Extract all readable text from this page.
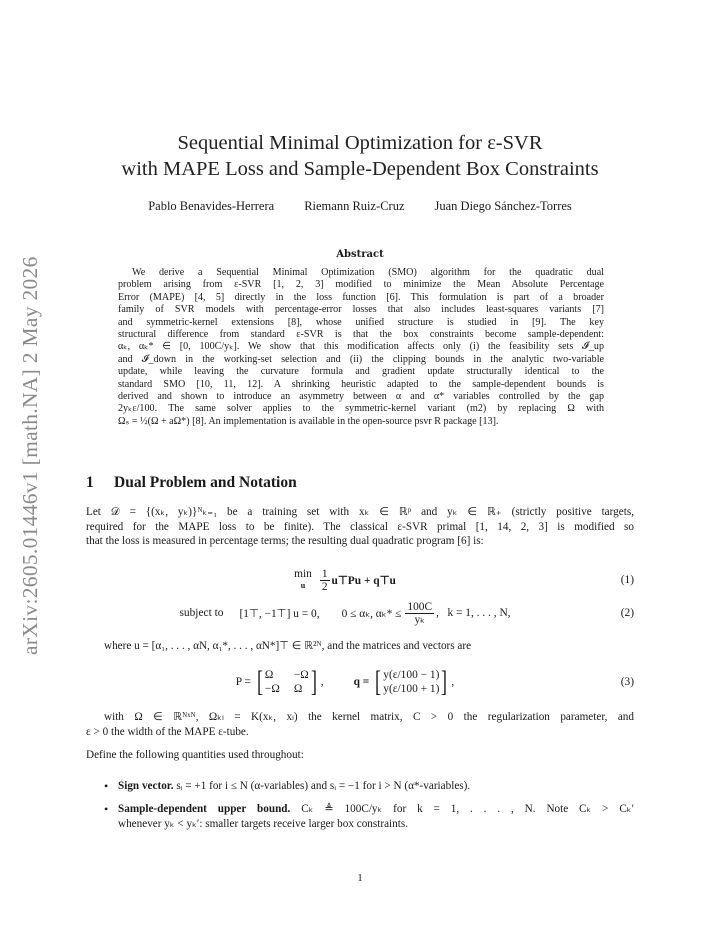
arXiv:2605.01446v1 [math.NA] 2 May 2026
Sequential Minimal Optimization for ε-SVR
with MAPE Loss and Sample-Dependent Box Constraints
Pablo Benavides-Herrera Riemann Ruiz-Cruz Juan Diego Sánchez-Torres
Abstract
We derive a Sequential Minimal Optimization (SMO) algorithm for the quadratic dual
problem arising from ε-SVR [1, 2, 3] modified to minimize the Mean Absolute Percentage
Error (MAPE) [4, 5] directly in the loss function [6]. This formulation is part of a broader
family of SVR models with percentage-error losses that also includes least-squares variants [7]
and symmetric-kernel extensions [8], whose unified structure is studied in [9]. The key
structural difference from standard ε-SVR is that the box constraints become sample-dependent:
αₖ, αₖ* ∈ [0, 100C/yₖ]. We show that this modification affects only (i) the feasibility sets 𝓘_up
and 𝓘_down in the working-set selection and (ii) the clipping bounds in the analytic two-variable
update, while leaving the curvature formula and gradient update structurally identical to the
standard SMO [10, 11, 12]. A shrinking heuristic adapted to the sample-dependent bounds is
derived and shown to introduce an asymmetry between α and α* variables controlled by the gap
2yₖε/100. The same solver applies to the symmetric-kernel variant (m2) by replacing Ω with
Ωₛ = ½(Ω + aΩ*) [8]. An implementation is available in the open-source psvr R package [13].
1 Dual Problem and Notation
Let 𝒟 = {(xₖ, yₖ)}ᴺₖ₌₁ be a training set with xₖ ∈ ℝᵖ and yₖ ∈ ℝ₊ (strictly positive targets,
required for the MAPE loss to be finite). The classical ε-SVR primal [1, 14, 2, 3] is modified so
that the loss is measured in percentage terms; the resulting dual quadratic program [6] is:
min
u $\frac{1}{2}$ u⊤Pu + q⊤u	(1)
subject to [1⊤, −1⊤] u = 0, 0 ≤ αₖ, $\alpha_k* \le \frac{100C}{\text{yₖ}}$ ,   k = 1, . . . , N,	(2)
where u = [α₁, . . . , αN, α₁*, . . . , αN*]⊤ ∈ ℝ²ᴺ, and the matrices and vectors are
P = [ Ω	−Ω
−Ω Ω ] ,	q = [ y(ε/100 − 1)
y(ε/100 + 1) ] ,	(3)
with Ω ∈ ℝᴺˣᴺ, Ωₖₗ = K(xₖ, xₗ) the kernel matrix, C > 0 the regularization parameter, and
ε > 0 the width of the MAPE ε-tube.
Define the following quantities used throughout:
• Sign vector. sᵢ = +1 for i ≤ N (α-variables) and sᵢ = −1 for i > N (α*-variables).
• Sample-dependent upper bound. Cₖ ≜ 100C/yₖ for k = 1, . . . , N. Note Cₖ > Cₖ′
whenever yₖ < yₖ′: smaller targets receive larger box constraints.
1
